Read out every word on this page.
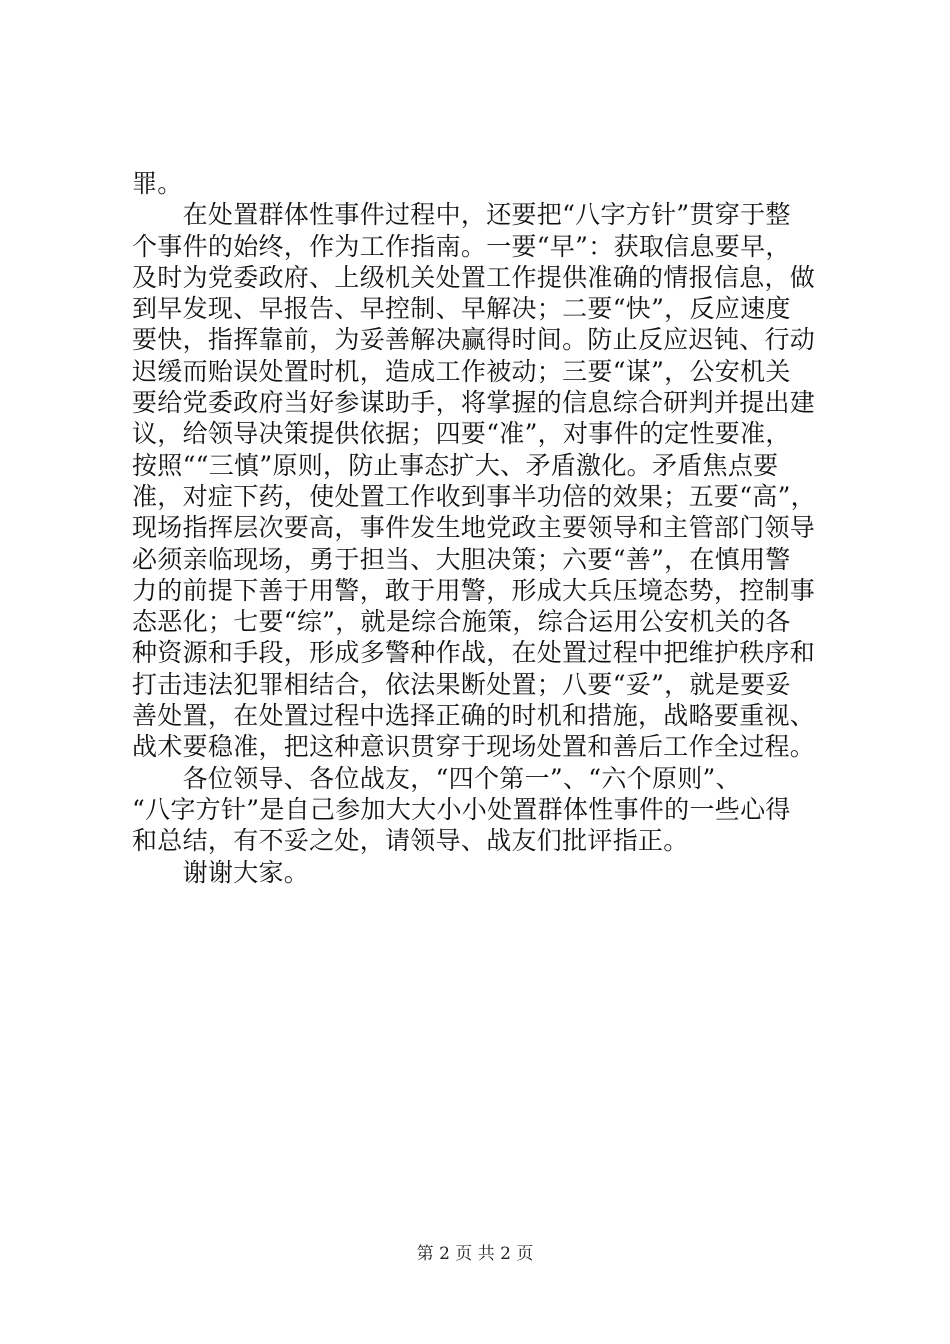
罪。
　　在处置群体性事件过程中，还要把“八字方针”贯穿于整
个事件的始终，作为工作指南。一要“早”：获取信息要早，
及时为党委政府、上级机关处置工作提供准确的情报信息，做
到早发现、早报告、早控制、早解决；二要“快”，反应速度
要快，指挥靠前，为妥善解决赢得时间。防止反应迟钝、行动
迟缓而贻误处置时机，造成工作被动；三要“谋”，公安机关
要给党委政府当好参谋助手，将掌握的信息综合研判并提出建
议，给领导决策提供依据；四要“准”，对事件的定性要准，
按照““三慎”原则，防止事态扩大、矛盾激化。矛盾焦点要
准，对症下药，使处置工作收到事半功倍的效果；五要“高”，
现场指挥层次要高，事件发生地党政主要领导和主管部门领导
必须亲临现场，勇于担当、大胆决策；六要“善”，在慎用警
力的前提下善于用警，敢于用警，形成大兵压境态势，控制事
态恶化；七要“综”，就是综合施策，综合运用公安机关的各
种资源和手段，形成多警种作战，在处置过程中把维护秩序和
打击违法犯罪相结合，依法果断处置；八要“妥”，就是要妥
善处置，在处置过程中选择正确的时机和措施，战略要重视、
战术要稳准，把这种意识贯穿于现场处置和善后工作全过程。
　　各位领导、各位战友，“四个第一”、“六个原则”、
“八字方针”是自己参加大大小小处置群体性事件的一些心得
和总结，有不妥之处，请领导、战友们批评指正。
　　谢谢大家。
第 2 页 共 2 页
